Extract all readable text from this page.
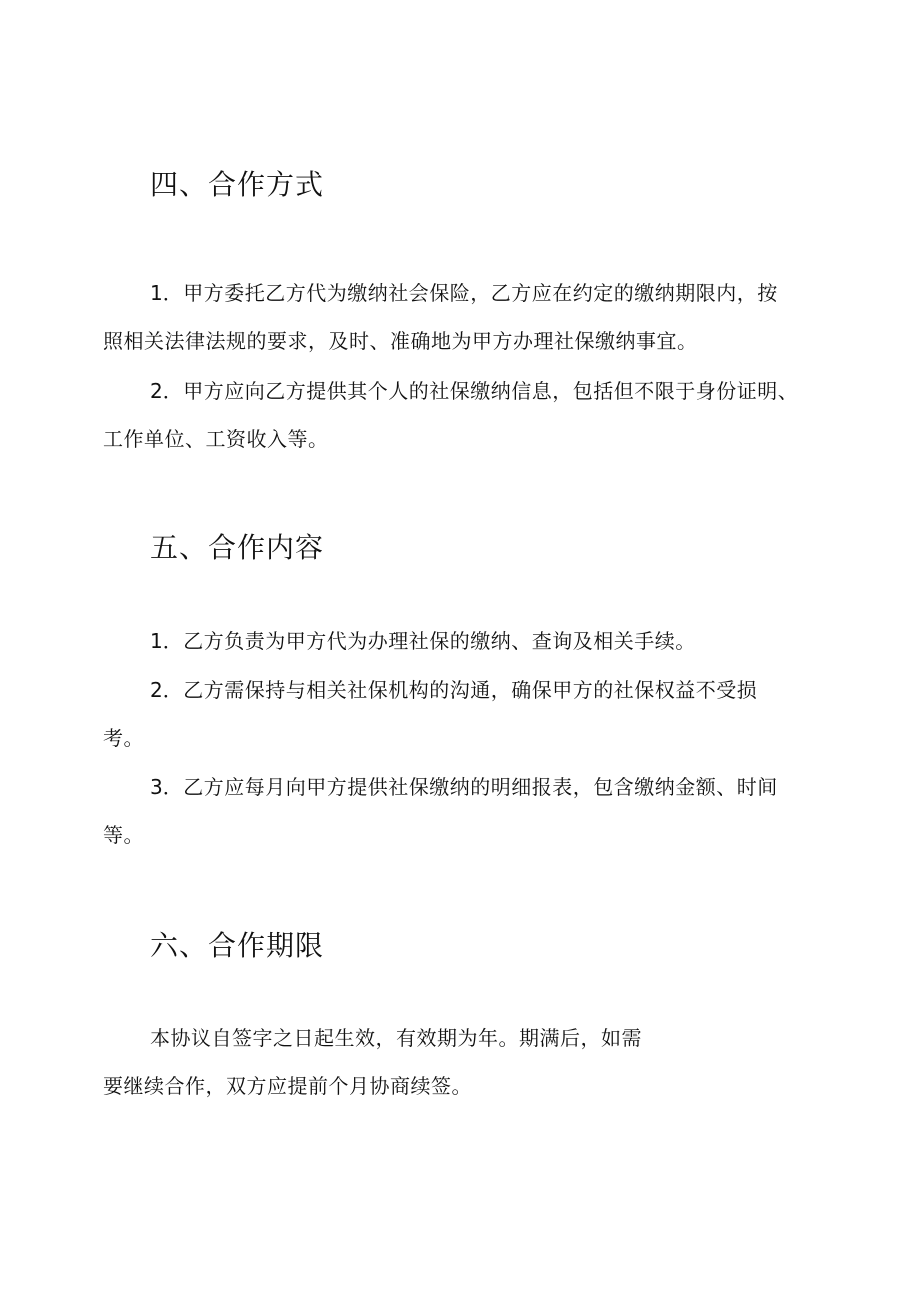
四、合作方式
1．甲方委托乙方代为缴纳社会保险，乙方应在约定的缴纳期限内，按
照相关法律法规的要求，及时、准确地为甲方办理社保缴纳事宜。
2．甲方应向乙方提供其个人的社保缴纳信息，包括但不限于身份证明、
工作单位、工资收入等。
五、合作内容
1．乙方负责为甲方代为办理社保的缴纳、查询及相关手续。
2．乙方需保持与相关社保机构的沟通，确保甲方的社保权益不受损
考。
3．乙方应每月向甲方提供社保缴纳的明细报表，包含缴纳金额、时间
等。
六、合作期限
本协议自签字之日起生效，有效期为年。期满后，如需
要继续合作，双方应提前个月协商续签。
